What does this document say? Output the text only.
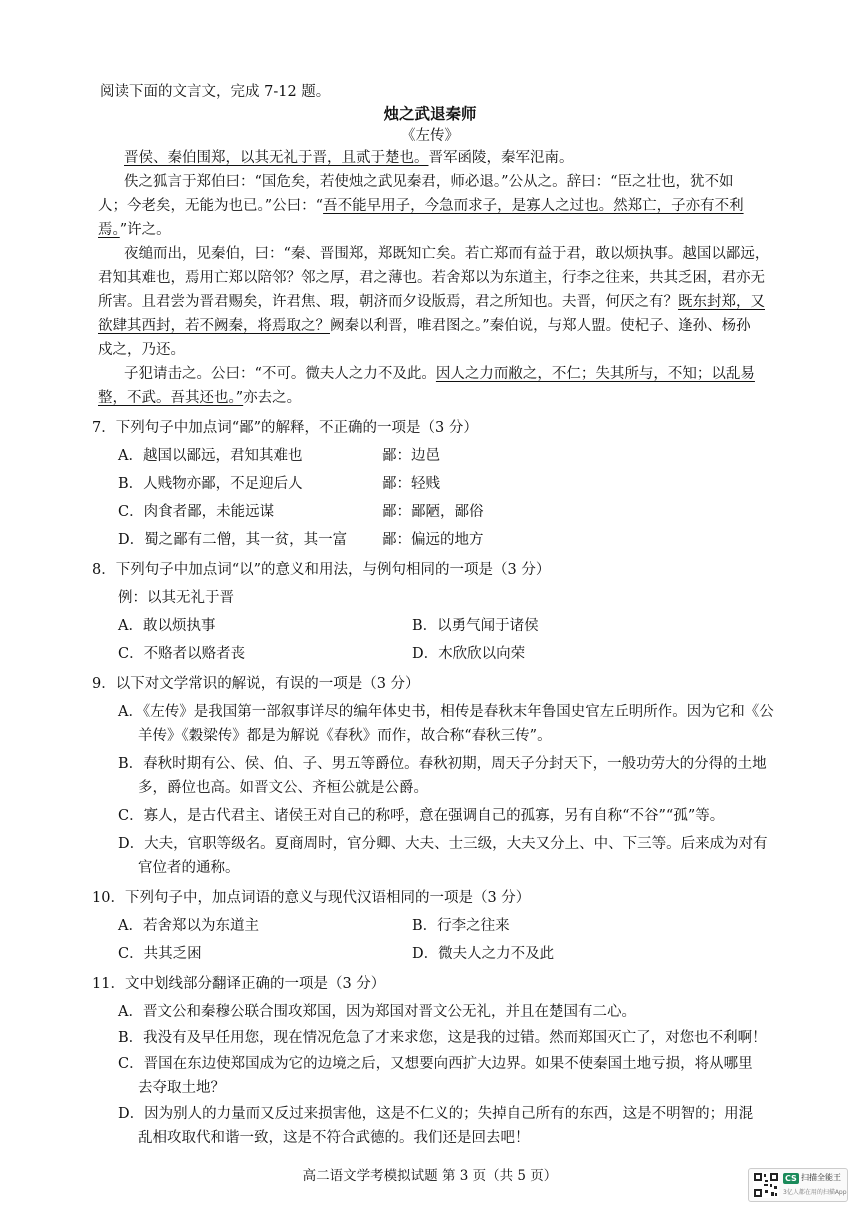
阅读下面的文言文，完成 7-12 题。
烛之武退秦师
《左传》
晋侯、秦伯围郑，以其无礼于晋，且贰于楚也。晋军函陵，秦军氾南。
佚之狐言于郑伯曰：“国危矣，若使烛之武见秦君，师必退。”公从之。辞曰：“臣之壮也，犹不如
人；今老矣，无能为也已。”公曰：“吾不能早用子，今急而求子，是寡人之过也。然郑亡，子亦有不利
焉。”许之。
夜缒而出，见秦伯，曰：“秦、晋围郑，郑既知亡矣。若亡郑而有益于君，敢以烦执事。越国以鄙远，
君知其难也，焉用亡郑以陪邻？邻之厚，君之薄也。若舍郑以为东道主，行李之往来，共其乏困，君亦无
所害。且君尝为晋君赐矣，许君焦、瑕，朝济而夕设版焉，君之所知也。夫晋，何厌之有？既东封郑，又
欲肆其西封，若不阙秦，将焉取之？阙秦以利晋，唯君图之。”秦伯说，与郑人盟。使杞子、逢孙、杨孙
戍之，乃还。
子犯请击之。公曰：“不可。微夫人之力不及此。因人之力而敝之，不仁；失其所与，不知；以乱易
整，不武。吾其还也。”亦去之。
7．下列句子中加点词“鄙”的解释，不正确的一项是（3 分）
A．越国以鄙远，君知其难也	鄙：边邑
B．人贱物亦鄙，不足迎后人	鄙：轻贱
C．肉食者鄙，未能远谋	鄙：鄙陋，鄙俗
D．蜀之鄙有二僧，其一贫，其一富 鄙：偏远的地方
8．下列句子中加点词“以”的意义和用法，与例句相同的一项是（3 分）
例：以其无礼于晋
A．敢以烦执事	B．以勇气闻于诸侯
C．不赂者以赂者丧	D．木欣欣以向荣
9．以下对文学常识的解说，有误的一项是（3 分）
A．《左传》是我国第一部叙事详尽的编年体史书，相传是春秋末年鲁国史官左丘明所作。因为它和《公
羊传》《穀梁传》都是为解说《春秋》而作，故合称“春秋三传”。
B．春秋时期有公、侯、伯、子、男五等爵位。春秋初期，周天子分封天下，一般功劳大的分得的土地
多，爵位也高。如晋文公、齐桓公就是公爵。
C．寡人，是古代君主、诸侯王对自己的称呼，意在强调自己的孤寡，另有自称“不谷”“孤”等。
D．大夫，官职等级名。夏商周时，官分卿、大夫、士三级，大夫又分上、中、下三等。后来成为对有
官位者的通称。
10．下列句子中，加点词语的意义与现代汉语相同的一项是（3 分）
A．若舍郑以为东道主	B．行李之往来
C．共其乏困	D．微夫人之力不及此
11．文中划线部分翻译正确的一项是（3 分）
A．晋文公和秦穆公联合围攻郑国，因为郑国对晋文公无礼，并且在楚国有二心。
B．我没有及早任用您，现在情况危急了才来求您，这是我的过错。然而郑国灭亡了，对您也不利啊！
C．晋国在东边使郑国成为它的边境之后，又想要向西扩大边界。如果不使秦国土地亏损，将从哪里
去夺取土地？
D．因为别人的力量而又反过来损害他，这是不仁义的；失掉自己所有的东西，这是不明智的；用混
乱相攻取代和谐一致，这是不符合武德的。我们还是回去吧！
高二语文学考模拟试题 第 3 页（共 5 页）	CS 扫描全能王
3亿人都在用的扫描App
